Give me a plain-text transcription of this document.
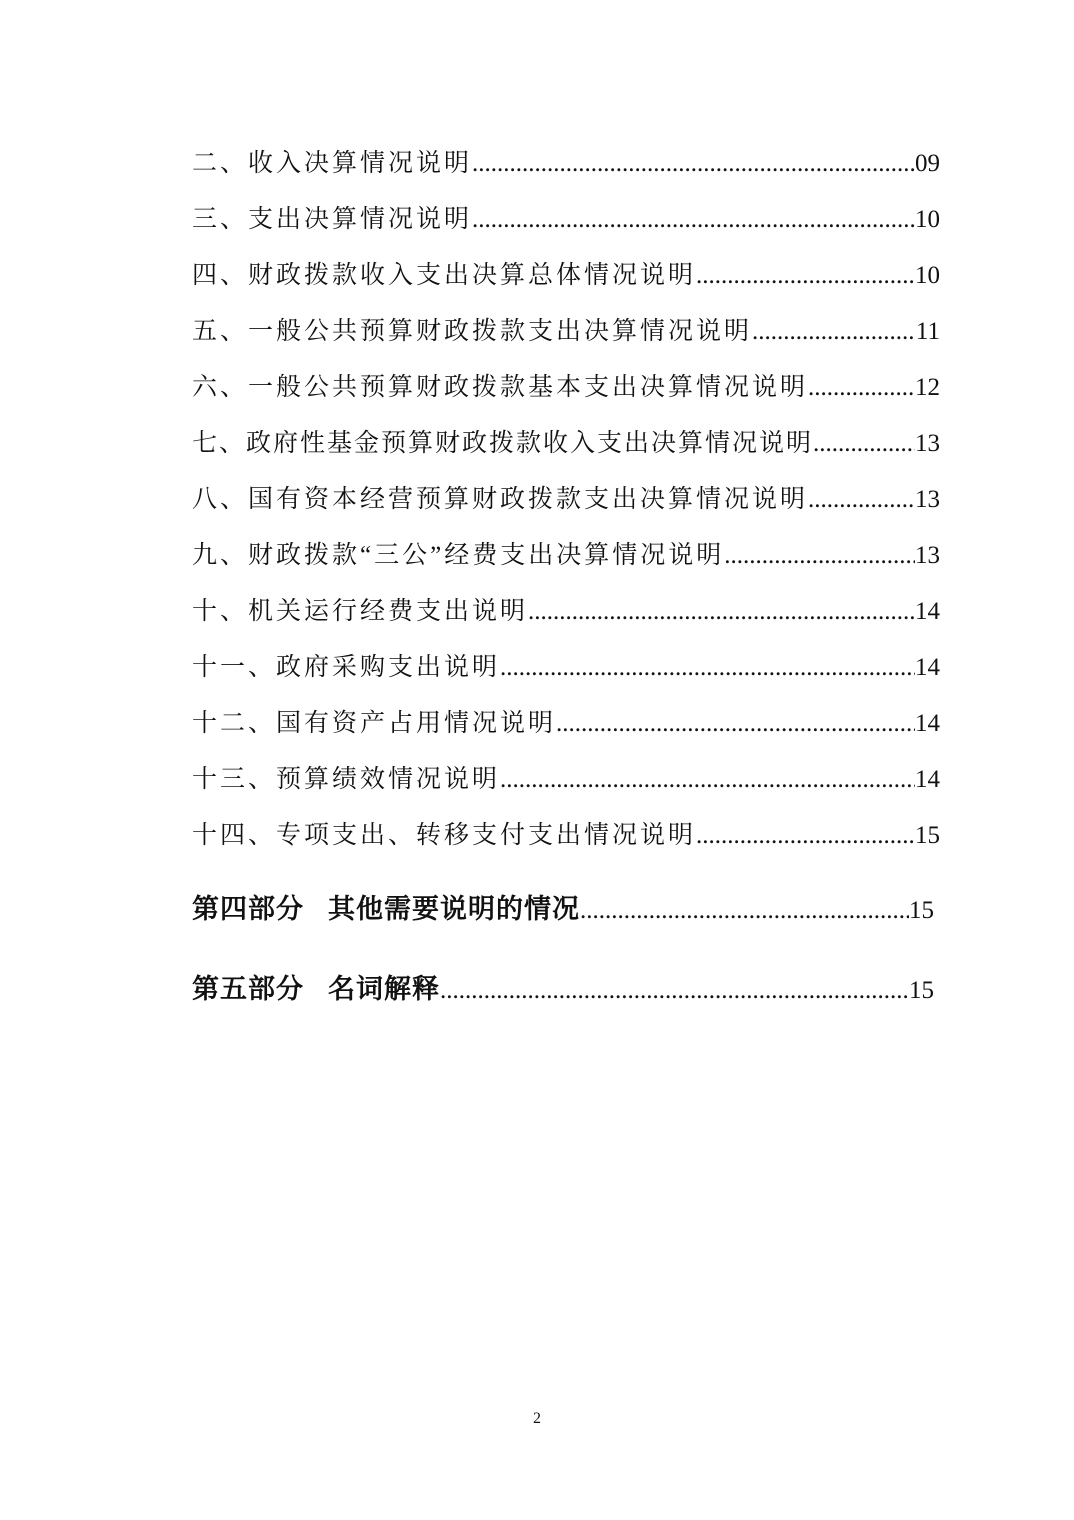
二、收入决算情况说明 .....	09
三、支出决算情况说明 .....	10
四、财政拨款收入支出决算总体情况说明 .....	10
五、一般公共预算财政拨款支出决算情况说明 .....	11
六、一般公共预算财政拨款基本支出决算情况说明 .....	12
七、政府性基金预算财政拨款收入支出决算情况说明 .....	13
八、国有资本经营预算财政拨款支出决算情况说明 .....	13
九、财政拨款“三公”经费支出决算情况说明 .....	13
十、机关运行经费支出说明 .....	14
十一、政府采购支出说明 .....	14
十二、国有资产占用情况说明 .....	14
十三、预算绩效情况说明 .....	14
十四、专项支出、转移支付支出情况说明 .....	15
第四部分 其他需要说明的情况 .....	15
第五部分 名词解释 .....	15
2
